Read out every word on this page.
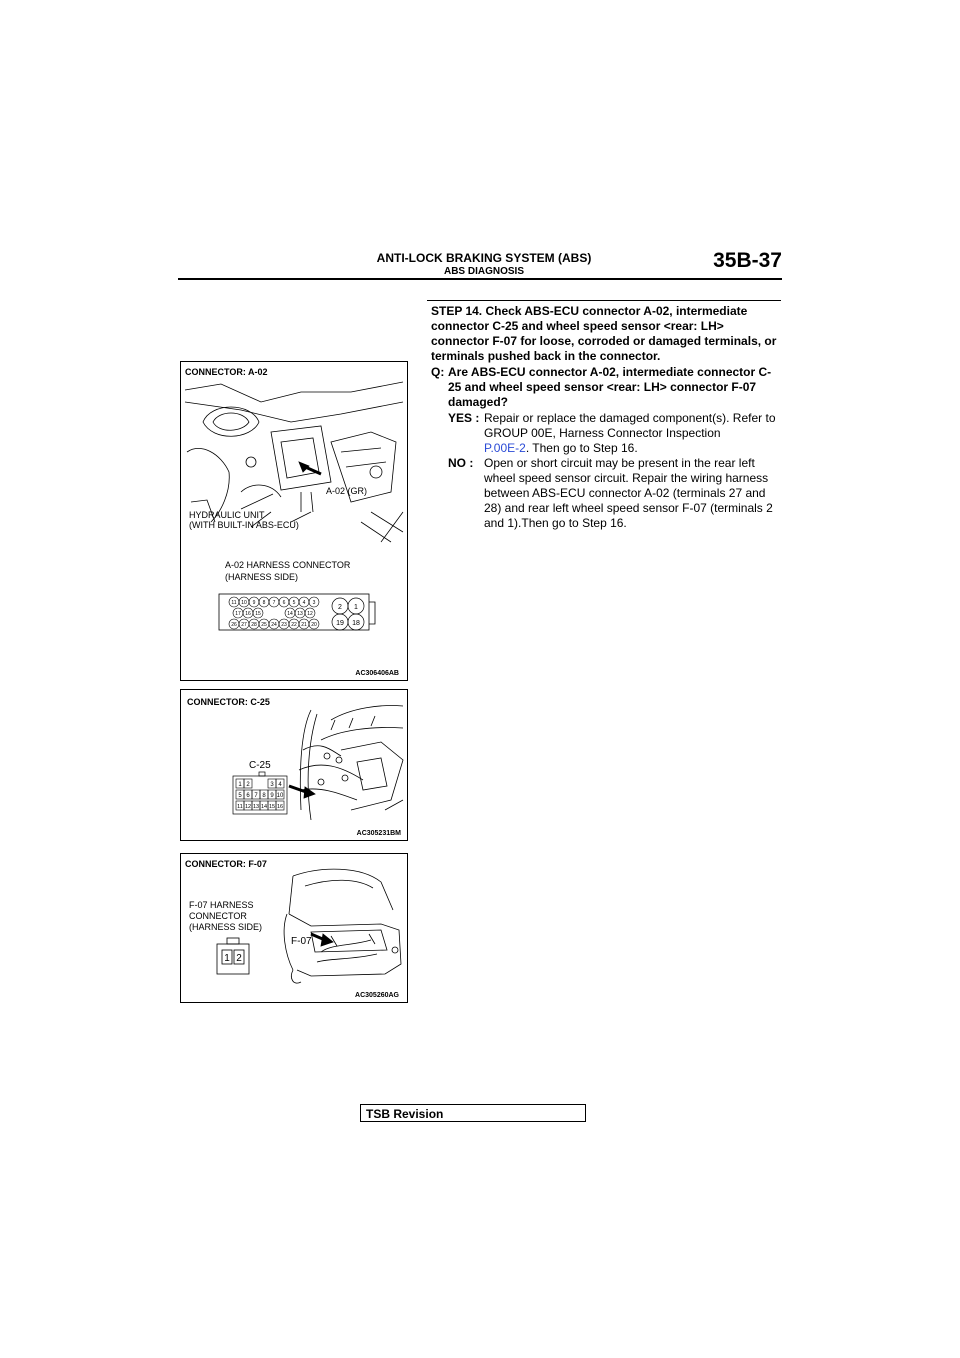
ANTI-LOCK BRAKING SYSTEM (ABS)
ABS DIAGNOSIS	35B-37
11 10 9 8 7 6 5 4 3
17 16 15	14 13 12
26 27 28 25 24 23 22 21 20
2 1
19 18
CONNECTOR: A-02
A-02 (GR)
HYDRAULIC UNIT
(WITH BUILT-IN ABS-ECU)
A-02 HARNESS CONNECTOR
(HARNESS SIDE)
AC306406AB
1 2	3 4
5 6 7 8 9 10
11 12 13 14 15 16
CONNECTOR: C-25
C-25
AC305231BM
1 2
CONNECTOR: F-07
F-07 HARNESS
CONNECTOR
(HARNESS SIDE)
F-07
AC305260AG
STEP 14. Check ABS-ECU connector A-02, intermediate connector C-25 and wheel speed sensor <rear: LH> connector F-07 for loose, corroded or damaged terminals, or terminals pushed back in the connector.
Q: Are ABS-ECU connector A-02, intermediate connector C-25 and wheel speed sensor <rear: LH> connector F-07 damaged?
YES : Repair or replace the damaged component(s). Refer to GROUP 00E, Harness Connector Inspection
P.00E-2. Then go to Step 16.
NO : Open or short circuit may be present in the rear left wheel speed sensor circuit. Repair the wiring harness between ABS-ECU connector A-02 (terminals 27 and 28) and rear left wheel speed sensor F-07 (terminals 2 and 1).Then go to Step 16.
TSB Revision
